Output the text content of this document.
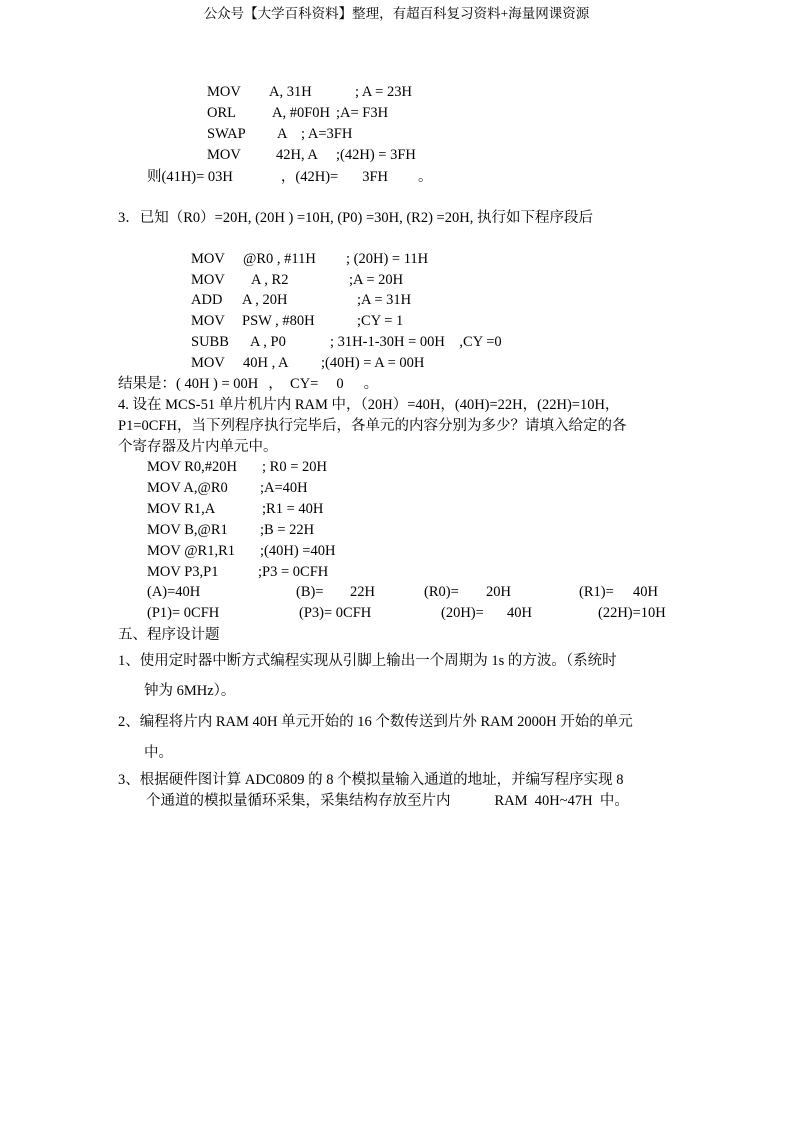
公众号【大学百科资料】整理，有超百科复习资料+海量网课资源
MOV A, 31H	; A = 23H
ORL A, #0F0H ;A= F3H
SWAP A ; A=3FH
MOV 42H, A ;(42H) = 3FH
则(41H)= 03H	，(42H)= 3FH 。
3．已知（R0）=20H, (20H ) =10H, (P0) =30H, (R2) =20H, 执行如下程序段后
MOV @R0 , #11H ; (20H) = 11H
MOV A , R2	;A = 20H
ADD A , 20H	;A = 31H
MOV PSW , #80H	;CY = 1
SUBB A , P0	; 31H-1-30H = 00H    ,CY =0
MOV 40H , A ;(40H) = A = 00H
结果是：( 40H ) = 00H ，  CY= 0 。
4. 设在 MCS-51 单片机片内 RAM 中，（20H）=40H，(40H)=22H，(22H)=10H，
P1=0CFH，当下列程序执行完毕后，各单元的内容分别为多少？请填入给定的各
个寄存器及片内单元中。
MOV R0,#20H ; R0 = 20H
MOV A,@R0 ;A=40H
MOV R1,A	;R1 = 40H
MOV B,@R1 ;B = 22H
MOV @R1,R1 ;(40H) =40H
MOV P3,P1	;P3 = 0CFH
(A)=40H	(B)= 22H	(R0)= 20H	(R1)= 40H
(P1)= 0CFH	(P3)= 0CFH	(20H)= 40H	(22H)=10H
五、程序设计题
1、使用定时器中断方式编程实现从引脚上输出一个周期为 1s 的方波。（系统时
钟为 6MHz）。
2、编程将片内 RAM 40H 单元开始的 16 个数传送到片外 RAM 2000H 开始的单元
中。
3、根据硬件图计算 ADC0809 的 8 个模拟量输入通道的地址，并编写程序实现 8
个通道的模拟量循环采集，采集结构存放至片内	RAM  40H~47H  中。
